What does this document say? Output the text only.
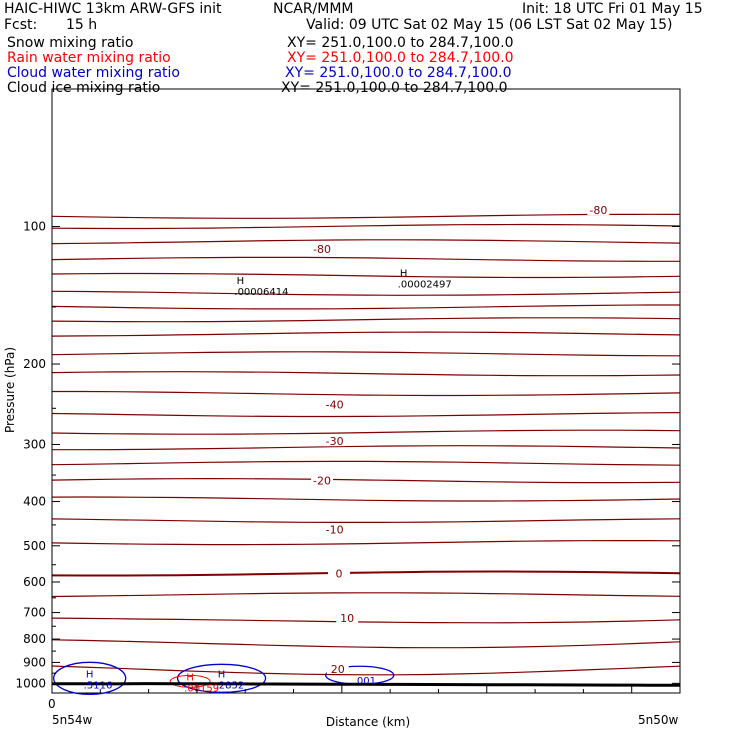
HAIC-HIWC 13km ARW-GFS init	NCAR/MMM	Init: 18 UTC Fri 01 May 15
Fcst: 15 h	Valid: 09 UTC Sat 02 May 15 (06 LST Sat 02 May 15)
Snow mixing ratio	XY= 251.0,100.0 to 284.7,100.0
Rain water mixing ratio	XY= 251.0,100.0 to 284.7,100.0
Cloud water mixing ratio	XY= 251.0,100.0 to 284.7,100.0
Cloud ice mixing ratio	XY= 251.0,100.0 to 284.7,100.0
-80
-80
-40
-30
-20
-10
0
10
20
H
.00006414
H
.00002497
H
.5116
H
.2852
H
.00159
.001
100
200
300
400
500
600
700
800
900
1000
Distance (km)
Pressure (hPa)
5n54w	5n50w
0
